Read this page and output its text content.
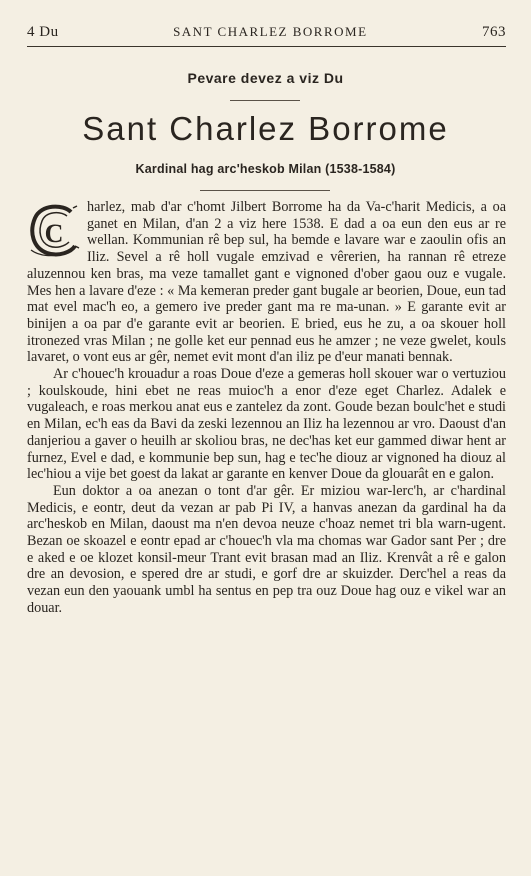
4 Du	SANT CHARLEZ BORROME	763
Pevare devez a viz Du
Sant Charlez Borrome
Kardinal hag arc'heskob Milan (1538-1584)

C
harlez, mab d'ar c'homt Jilbert Borrome ha da Va-c'harit Medicis, a oa ganet en Milan, d'an 2 a viz here 1538. E dad a oa eun den eus ar re wellan. Kommunian rê bep sul, ha bemde e lavare war e zaoulin ofis an Iliz. Sevel a rê holl vugale emzivad e vêrerien, ha rannan rê etreze aluzennou ken bras, ma veze tamallet gant e vignoned d'ober gaou ouz e vugale. Mes hen a lavare d'eze : « Ma kemeran preder gant bugale ar beorien, Doue, eun tad mat evel mac'h eo, a gemero ive preder gant ma re ma-unan. » E garante evit ar binijen a oa par d'e garante evit ar beorien. E bried, eus he zu, a oa skouer holl itronezed vras Milan ; ne golle ket eur pennad eus he amzer ; ne veze gwelet, kouls lavaret, o vont eus ar gêr, nemet evit mont d'an iliz pe d'eur manati bennak.

Ar c'houec'h krouadur a roas Doue d'eze a gemeras holl skouer war o vertuziou ; koulskoude, hini ebet ne reas muioc'h a enor d'eze eget Charlez. Adalek e vugaleach, e roas merkou anat eus e zantelez da zont. Goude bezan boulc'het e studi en Milan, ec'h eas da Bavi da zeski lezennou an Iliz ha lezennou ar vro. Daoust d'an danjeriou a gaver o heuilh ar skoliou bras, ne dec'has ket eur gammed diwar hent ar furnez, Evel e dad, e kommunie bep sun, hag e tec'he diouz ar vignoned ha diouz al lec'hiou a vije bet goest da lakat ar garante en kenver Doue da glouarât en e galon.

Eun doktor a oa anezan o tont d'ar gêr. Er miziou war-lerc'h, ar c'hardinal Medicis, e eontr, deut da vezan ar pab Pi IV, a hanvas anezan da gardinal ha da arc'heskob en Milan, daoust ma n'en devoa neuze c'hoaz nemet tri bla warn-ugent. Bezan oe skoazel e eontr epad ar c'houec'h vla ma chomas war Gador sant Per ; dre e aked e oe klozet konsil-meur Trant evit brasan mad an Iliz. Krenvât a rê e galon dre an devosion, e spered dre ar studi, e gorf dre ar skuizder. Derc'hel a reas da vezan eun den yaouank umbl ha sentus en pep tra ouz Doue hag ouz e vikel war an douar.
